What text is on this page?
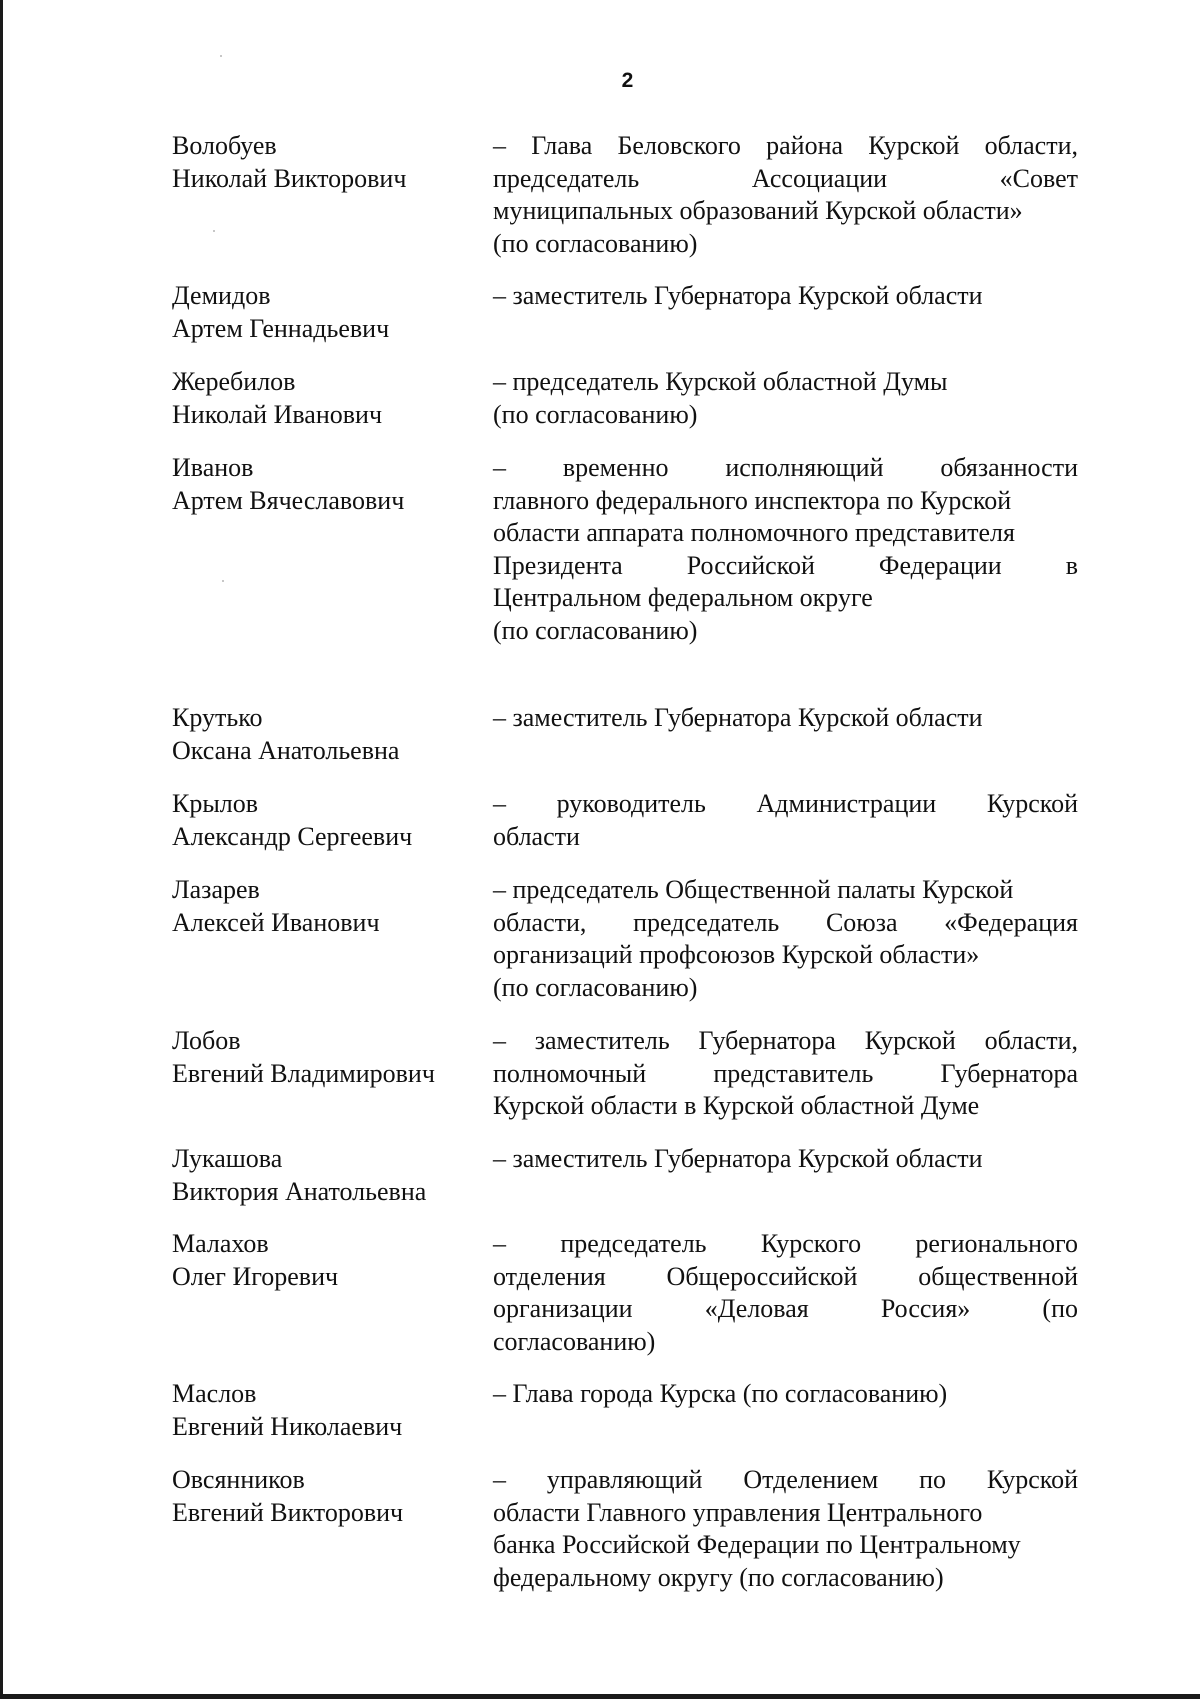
2
Волобуев
Николай Викторович
– Глава Беловского района Курской области,
председатель Ассоциации «Совет
муниципальных образований Курской области»
(по согласованию)
Демидов
Артем Геннадьевич
– заместитель Губернатора Курской области
Жеребилов
Николай Иванович
– председатель Курской областной Думы
(по согласованию)
Иванов
Артем Вячеславович
– временно исполняющий обязанности
главного федерального инспектора по Курской
области аппарата полномочного представителя
Президента Российской Федерации в
Центральном федеральном округе
(по согласованию)
Крутько
Оксана Анатольевна
– заместитель Губернатора Курской области
Крылов
Александр Сергеевич
– руководитель Администрации Курской
области
Лазарев
Алексей Иванович
– председатель Общественной палаты Курской
области, председатель Союза «Федерация
организаций профсоюзов Курской области»
(по согласованию)
Лобов
Евгений Владимирович
– заместитель Губернатора Курской области,
полномочный представитель Губернатора
Курской области в Курской областной Думе
Лукашова
Виктория Анатольевна
– заместитель Губернатора Курской области
Малахов
Олег Игоревич
– председатель Курского регионального
отделения Общероссийской общественной
организации «Деловая Россия» (по
согласованию)
Маслов
Евгений Николаевич
– Глава города Курска (по согласованию)
Овсянников
Евгений Викторович
– управляющий Отделением по Курской
области Главного управления Центрального
банка Российской Федерации по Центральному
федеральному округу (по согласованию)
